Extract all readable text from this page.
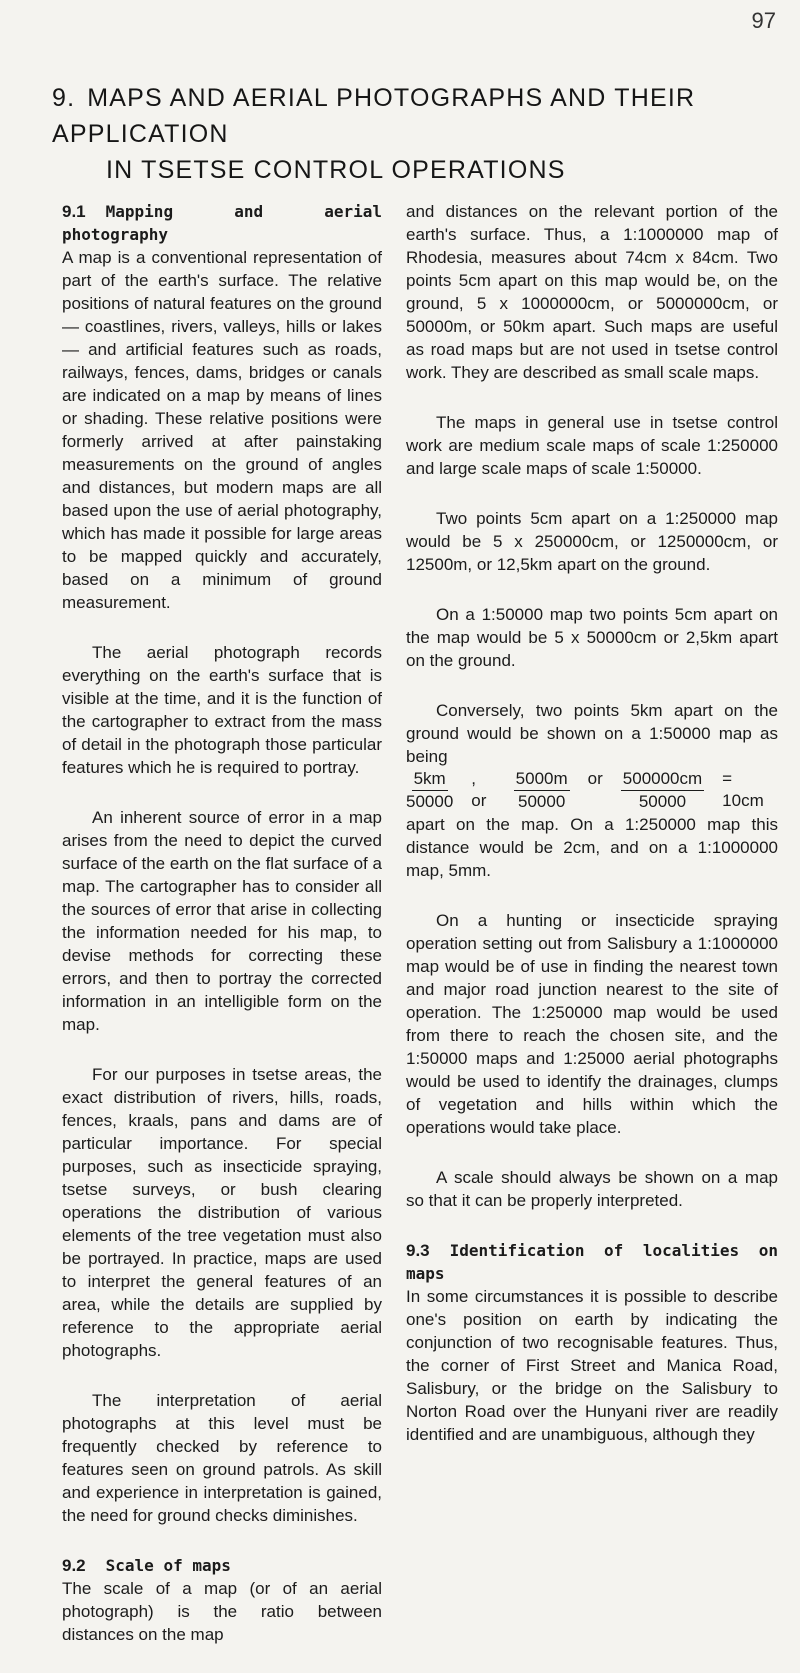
97
9. MAPS AND AERIAL PHOTOGRAPHS AND THEIR APPLICATION
IN TSETSE CONTROL OPERATIONS
9.1 Mapping and aerial photography

A map is a conventional representation of part of the earth's surface. The relative positions of natural features on the ground — coastlines, rivers, valleys, hills or lakes — and artificial features such as roads, railways, fences, dams, bridges or canals are indicated on a map by means of lines or shading. These relative positions were formerly arrived at after painstaking measurements on the ground of angles and distances, but modern maps are all based upon the use of aerial photography, which has made it possible for large areas to be mapped quickly and accurately, based on a minimum of ground measurement.

The aerial photograph records everything on the earth's surface that is visible at the time, and it is the function of the cartographer to extract from the mass of detail in the photograph those particular features which he is required to portray.

An inherent source of error in a map arises from the need to depict the curved surface of the earth on the flat surface of a map. The cartographer has to consider all the sources of error that arise in collecting the information needed for his map, to devise methods for correcting these errors, and then to portray the corrected information in an intelligible form on the map.

For our purposes in tsetse areas, the exact distribution of rivers, hills, roads, fences, kraals, pans and dams are of particular importance. For special purposes, such as insecticide spraying, tsetse surveys, or bush clearing operations the distribution of various elements of the tree vegetation must also be portrayed. In practice, maps are used to interpret the general features of an area, while the details are supplied by reference to the appropriate aerial photographs.

The interpretation of aerial photographs at this level must be frequently checked by reference to features seen on ground patrols. As skill and experience in interpretation is gained, the need for ground checks diminishes.

9.2 Scale of maps

The scale of a map (or of an aerial photograph) is the ratio between distances on the map

and distances on the relevant portion of the earth's surface. Thus, a 1:1000000 map of Rhodesia, measures about 74cm x 84cm. Two points 5cm apart on this map would be, on the ground, 5 x 1000000cm, or 5000000cm, or 50000m, or 50km apart. Such maps are useful as road maps but are not used in tsetse control work. They are described as small scale maps.

The maps in general use in tsetse control work are medium scale maps of scale 1:250000 and large scale maps of scale 1:50000.

Two points 5cm apart on a 1:250000 map would be 5 x 250000cm, or 1250000cm, or 12500m, or 12,5km apart on the ground.

On a 1:50000 map two points 5cm apart on the map would be 5 x 50000cm or 2,5km apart on the ground.

Conversely, two points 5km apart on the ground would be shown on a 1:50000 map as being

$\frac{5km}{50000}$ , or	$\frac{5000m}{50000}$ or $\frac{500000cm}{50000} = 10cm$

apart on the map. On a 1:250000 map this distance would be 2cm, and on a 1:1000000 map, 5mm.

On a hunting or insecticide spraying operation setting out from Salisbury a 1:1000000 map would be of use in finding the nearest town and major road junction nearest to the site of operation. The 1:250000 map would be used from there to reach the chosen site, and the 1:50000 maps and 1:25000 aerial photographs would be used to identify the drainages, clumps of vegetation and hills within which the operations would take place.

A scale should always be shown on a map so that it can be properly interpreted.

9.3 Identification of localities on maps

In some circumstances it is possible to describe one's position on earth by indicating the conjunction of two recognisable features. Thus, the corner of First Street and Manica Road, Salisbury, or the bridge on the Salisbury to Norton Road over the Hunyani river are readily identified and are unambiguous, although they
